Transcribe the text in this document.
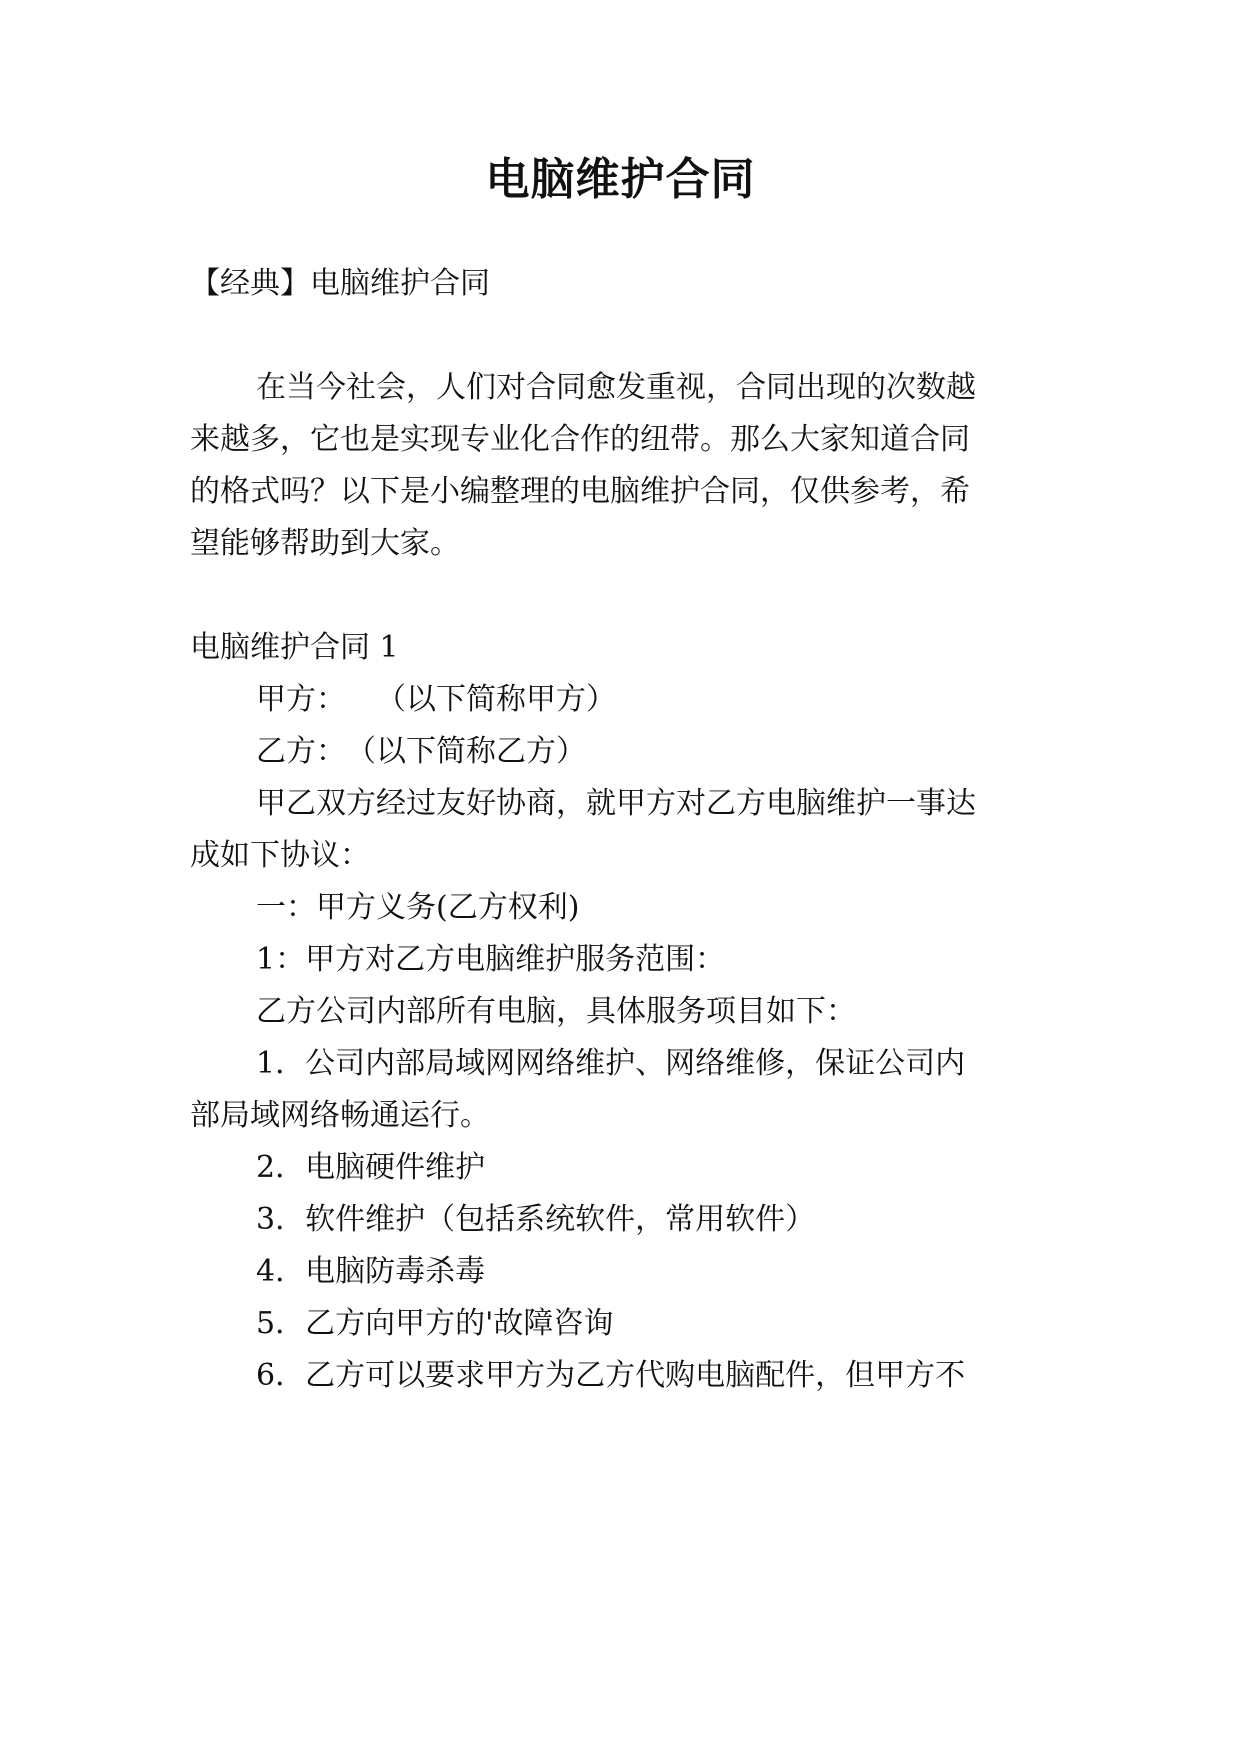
电脑维护合同

【经典】电脑维护合同

在当今社会，人们对合同愈发重视，合同出现的次数越

来越多，它也是实现专业化合作的纽带。那么大家知道合同

的格式吗？以下是小编整理的电脑维护合同，仅供参考，希

望能够帮助到大家。

电脑维护合同 1

甲方：　　（以下简称甲方）

乙方：　（以下简称乙方）

甲乙双方经过友好协商，就甲方对乙方电脑维护一事达

成如下协议：

一：甲方义务(乙方权利)

1：甲方对乙方电脑维护服务范围：

乙方公司内部所有电脑，具体服务项目如下：

1．公司内部局域网网络维护、网络维修，保证公司内

部局域网络畅通运行。

2．电脑硬件维护

3．软件维护（包括系统软件，常用软件）

4．电脑防毒杀毒

5．乙方向甲方的'故障咨询

6．乙方可以要求甲方为乙方代购电脑配件，但甲方不
